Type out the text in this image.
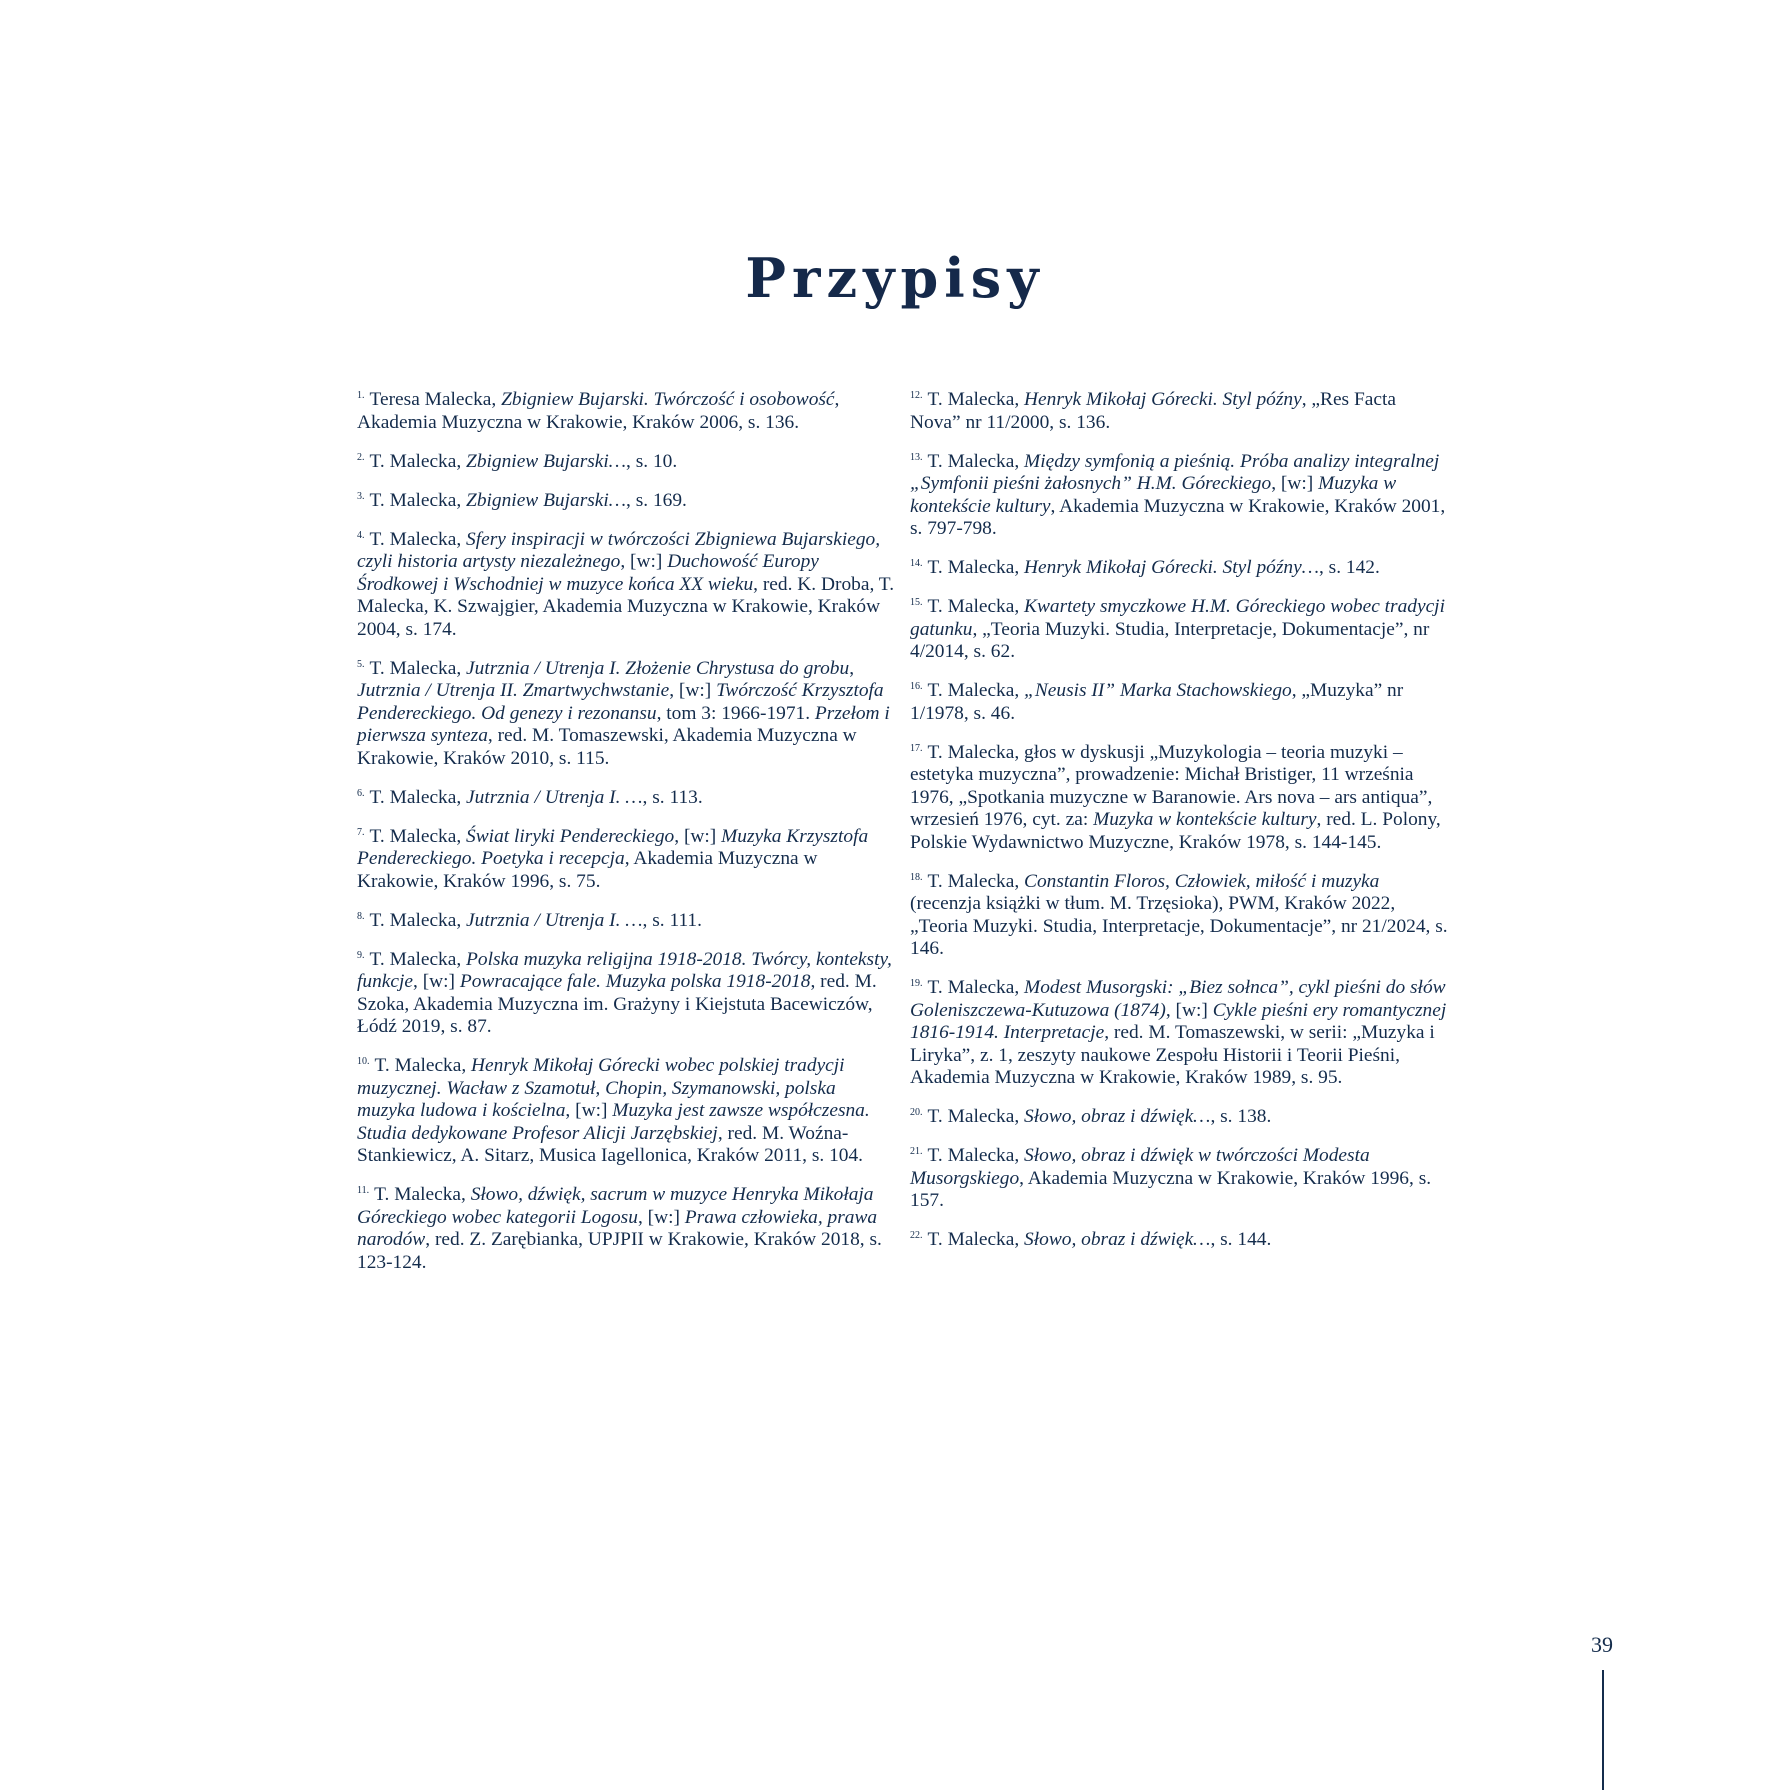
Przypisy

$^{1.}$ Teresa Malecka, Zbigniew Bujarski. Twórczość i osobowość, Akademia Muzyczna w Krakowie, Kraków 2006, s. 136.

$^{2.}$ T. Malecka, Zbigniew Bujarski…, s. 10.

$^{3.}$ T. Malecka, Zbigniew Bujarski…, s. 169.

$^{4.}$ T. Malecka, Sfery inspiracji w twórczości Zbigniewa Bujarskiego, czyli historia artysty niezależnego, [w:] Duchowość Europy Środkowej i Wschodniej w muzyce końca XX wieku, red. K. Droba, T. Malecka, K. Szwajgier, Akademia Muzyczna w Krakowie, Kraków 2004, s. 174.

$^{5.}$ T. Malecka, Jutrznia / Utrenja I. Złożenie Chrystusa do grobu, Jutrznia / Utrenja II. Zmartwychwstanie, [w:] Twórczość Krzysztofa Pendereckiego. Od genezy i rezonansu, tom 3: 1966-1971. Przełom i pierwsza synteza, red. M. Tomaszewski, Akademia Muzyczna w Krakowie, Kraków 2010, s. 115.

$^{6.}$ T. Malecka, Jutrznia / Utrenja I. …, s. 113.

$^{7.}$ T. Malecka, Świat liryki Pendereckiego, [w:] Muzyka Krzysztofa Pendereckiego. Poetyka i recepcja, Akademia Muzyczna w Krakowie, Kraków 1996, s. 75.

$^{8.}$ T. Malecka, Jutrznia / Utrenja I. …, s. 111.

$^{9.}$ T. Malecka, Polska muzyka religijna 1918-2018. Twórcy, konteksty, funkcje, [w:] Powracające fale. Muzyka polska 1918-2018, red. M. Szoka, Akademia Muzyczna im. Grażyny i Kiejstuta Bacewiczów, Łódź 2019, s. 87.

$^{10.}$ T. Malecka, Henryk Mikołaj Górecki wobec polskiej tradycji muzycznej. Wacław z Szamotuł, Chopin, Szymanowski, polska muzyka ludowa i kościelna, [w:] Muzyka jest zawsze współczesna. Studia dedykowane Profesor Alicji Jarzębskiej, red. M. Woźna-Stankiewicz, A. Sitarz, Musica Iagellonica, Kraków 2011, s. 104.

$^{11.}$ T. Malecka, Słowo, dźwięk, sacrum w muzyce Henryka Mikołaja Góreckiego wobec kategorii Logosu, [w:] Prawa człowieka, prawa narodów, red. Z. Zarębianka, UPJPII w Krakowie, Kraków 2018, s. 123-124.

$^{12.}$ T. Malecka, Henryk Mikołaj Górecki. Styl późny, „Res Facta Nova” nr 11/2000, s. 136.

$^{13.}$ T. Malecka, Między symfonią a pieśnią. Próba analizy integralnej „Symfonii pieśni żałosnych” H.M. Góreckiego, [w:] Muzyka w kontekście kultury, Akademia Muzyczna w Krakowie, Kraków 2001, s. 797-798.

$^{14.}$ T. Malecka, Henryk Mikołaj Górecki. Styl późny…, s. 142.

$^{15.}$ T. Malecka, Kwartety smyczkowe H.M. Góreckiego wobec tradycji gatunku, „Teoria Muzyki. Studia, Interpretacje, Dokumentacje”, nr 4/2014, s. 62.

$^{16.}$ T. Malecka, „Neusis II” Marka Stachowskiego, „Muzyka” nr 1/1978, s. 46.

$^{17.}$ T. Malecka, głos w dyskusji „Muzykologia – teoria muzyki – estetyka muzyczna”, prowadzenie: Michał Bristiger, 11 września 1976, „Spotkania muzyczne w Baranowie. Ars nova – ars antiqua”, wrzesień 1976, cyt. za: Muzyka w kontekście kultury, red. L. Polony, Polskie Wydawnictwo Muzyczne, Kraków 1978, s. 144-145.

$^{18.}$ T. Malecka, Constantin Floros, Człowiek, miłość i muzyka (recenzja książki w tłum. M. Trzęsioka), PWM, Kraków 2022, „Teoria Muzyki. Studia, Interpretacje, Dokumentacje”, nr 21/2024, s. 146.

$^{19.}$ T. Malecka, Modest Musorgski: „Biez sołnca”, cykl pieśni do słów Goleniszczewa-Kutuzowa (1874), [w:] Cykle pieśni ery romantycznej 1816-1914. Interpretacje, red. M. Tomaszewski, w serii: „Muzyka i Liryka”, z. 1, zeszyty naukowe Zespołu Historii i Teorii Pieśni, Akademia Muzyczna w Krakowie, Kraków 1989, s. 95.

$^{20.}$ T. Malecka, Słowo, obraz i dźwięk…, s. 138.

$^{21.}$ T. Malecka, Słowo, obraz i dźwięk w twórczości Modesta Musorgskiego, Akademia Muzyczna w Krakowie, Kraków 1996, s. 157.

$^{22.}$ T. Malecka, Słowo, obraz i dźwięk…, s. 144.

39
